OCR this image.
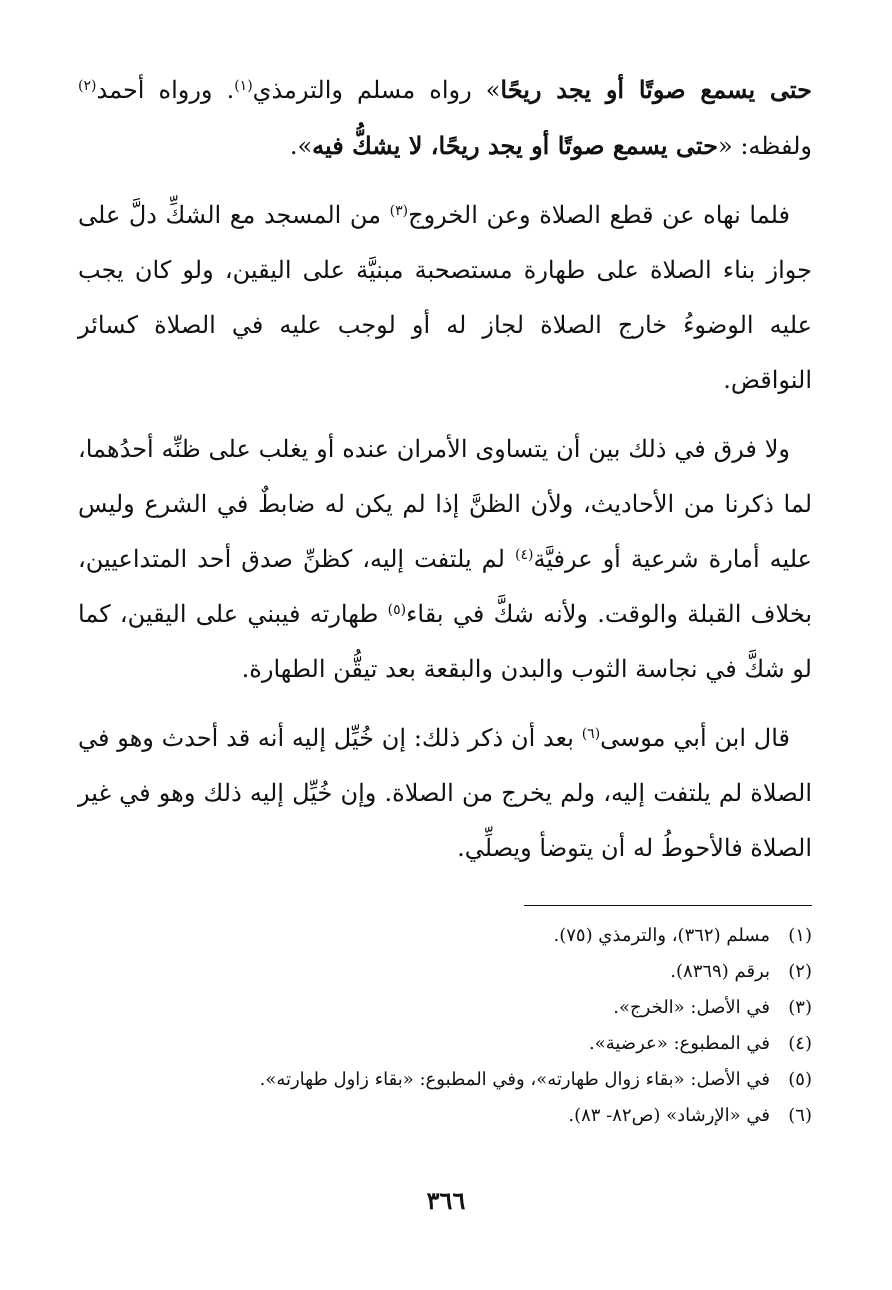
حتى يسمع صوتًا أو يجد ريحًا» رواه مسلم والترمذي$^{(١)}$. ورواه أحمد$^{(٢)}$ ولفظه: «حتى يسمع صوتًا أو يجد ريحًا، لا يشكُّ فيه».

فلما نهاه عن قطع الصلاة وعن الخروج$^{(٣)}$ من المسجد مع الشكِّ دلَّ على جواز بناء الصلاة على طهارة مستصحبة مبنيَّة على اليقين، ولو كان يجب عليه الوضوءُ خارج الصلاة لجاز له أو لوجب عليه في الصلاة كسائر النواقض.

ولا فرق في ذلك بين أن يتساوى الأمران عنده أو يغلب على ظنِّه أحدُهما، لما ذكرنا من الأحاديث، ولأن الظنَّ إذا لم يكن له ضابطٌ في الشرع وليس عليه أمارة شرعية أو عرفيَّة$^{(٤)}$ لم يلتفت إليه، كظنِّ صدق أحد المتداعيين، بخلاف القبلة والوقت. ولأنه شكَّ في بقاء$^{(٥)}$ طهارته فيبني على اليقين، كما لو شكَّ في نجاسة الثوب والبدن والبقعة بعد تيقُّن الطهارة.

قال ابن أبي موسى$^{(٦)}$ بعد أن ذكر ذلك: إن خُيِّل إليه أنه قد أحدث وهو في الصلاة لم يلتفت إليه، ولم يخرج من الصلاة. وإن خُيِّل إليه ذلك وهو في غير الصلاة فالأحوطُ له أن يتوضأ ويصلِّي.

(١)مسلم (٣٦٢)، والترمذي (٧٥).
(٢)برقم (٨٣٦٩).
(٣)في الأصل: «الخرج».
(٤)في المطبوع: «عرضية».
(٥)في الأصل: «بقاء زوال طهارته»، وفي المطبوع: «بقاء زاول طهارته».
(٦)في «الإرشاد» (ص٨٢- ٨٣).
٣٦٦
